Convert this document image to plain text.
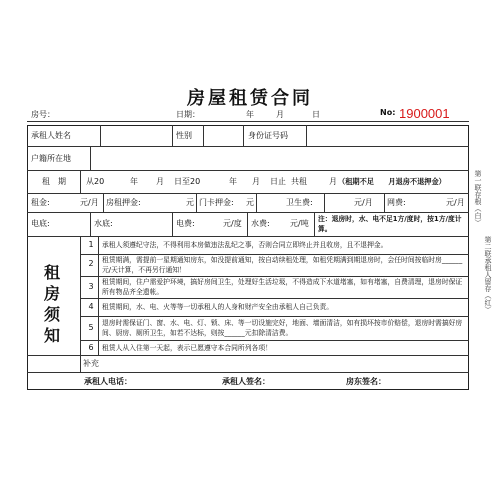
房屋租赁合同
房号：	日期：	年	月	日	No: 1900001
承租人姓名	性别	身份证号码
户籍所在地
租　期	从20	年 月 日至20	年 月 日止 共租	月 （租期不足　　月退房不退押金）
租金:	元/月 房租押金:	元 门卡押金: 元	卫生费:	元/月 网费:	元/月
电底:	水底:	电费:	元/度 水费:	元/吨 注：退房时，水、电不足1方/度时，按1方/度计算。
租
房
须
知
1	承租人须遵纪守法，不得利用本房做违法乱纪之事，否则合同立即终止并且收房，且不退押金。
2	租赁期满，需提前一星期通知房东，如没提前通知，按自动续租处理，如租凭期满到期退房时，会任时间按临时房______元/天计算，不再另行通知！
3	租赁期间，住户需爱护环境，搞好房间卫生，处理好生活垃圾，不得造成下水道堵塞，如有堵塞，自费清理，退房时保证所有物品齐全遗帐。
4	租赁期间，水、电、火等等一切承租人的人身和财产安全由承租人自己负责。
5	退房时需保证门、窗、水、电、灯、锁、床、等一切设施完好，地面、墙面清洁，如有损坏按市价赔偿，退房时需搞好房间、厨房、厕所卫生，如若不达标，则按______元扣除清洁费。
6	租赁人从入住第一天起，表示已愿遵守本合同所列各项！
补充
承租人电话：	承租人签名：	房东签名：
第一联存根（白）
第二联承租人留存（红）
